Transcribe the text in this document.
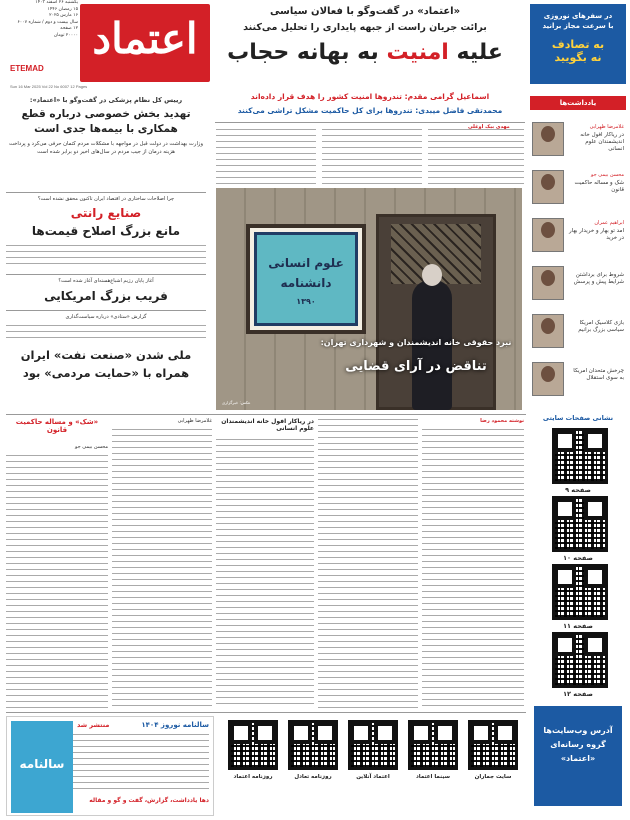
یکشنبه ۲۶ اسفند ۱۴۰۳
۱۵ رمضان ۱۴۴۶
۱۶ مارس ۲۰۲۵
سال بیست و دوم / شماره ۶۰۰۷
۱۲ صفحه
۲۰۰۰۰ تومان اعتماد
ETEMAD
Sun 16 Mar 2025 Vol 22 No 6007 12 Pages
«اعتماد» در گفت‌وگو با فعالان سیاسی
برائت جریان راست از جبهه پایداری را تحلیل می‌کنند
علیه امنیت به بهانه حجاب
در سفرهای نوروزی
با سرعت مجاز برانید
به تصادف
نه بگویید
اسماعیل گرامی مقدم: تندروها امنیت کشور را هدف قرار داده‌اند
محمدتقی فاضل میبدی: تندروها برای کل حاکمیت مشکل تراشی می‌کنند
رییس کل نظام پزشکی در گفت‌وگو با «اعتماد»:
تهدید بخش خصوصی درباره قطع همکاری با بیمه‌ها جدی است
وزارت بهداشت در دولت قبل در مواجهه با مشکلات مردم کتمان حرفی می‌کرد و پرداخت هزینه درمان از جیب مردم در سال‌های اخیر دو برابر شده است
چرا اصلاحات ساختاری در اقتصاد ایران تاکنون محقق نشده است؟
صنایع رانتی
مانع بزرگ اصلاح قیمت‌ها
آغاز پایان رژیم اشباع‌هسته‌ای آغاز شده است؟
فریب بزرگ امریکایی
گزارش «ستادی» درباره سیاست‌گذاری
ملی شدن «صنعت نفت» ایران
همراه با «حمایت مردمی» بود
مهدی بیک اوغلی
علوم انسانی دانشنامه
۱۳۹۰
نبرد حقوقی خانه اندیشمندان و شهرداری تهران:
تناقض در آرای قضایی
عکس: خبرگزاری
یادداشت‌ها
غلامرضا ظهرابی
در ریاکار افول خانه اندیشمندان علوم انسانی
محسن بیمی جو
شک و مساله حاکمیت قانون
ابراهیم عمران
امد تو بهار و خریدار بهار در خرید
شروط برای برداشتن شرایط پیش و پرسش
بازی کلاسیک امریکا سیاسی بزرگ برانیم
چرخش متحدان امریکا به سوی استقلال
نشانی صفحات سایتی
صفحه ۹
صفحه ۱۰
صفحه ۱۱
صفحه ۱۲
آدرس وب‌سایت‌ها گروه رسانه‌ای «اعتماد»
نوشته محمود رضا
در ریاکار افول خانه اندیشمندان علوم انسانی
غلامرضا ظهرابی
«شک» و مساله حاکمیت قانون
محسن بیمی جو
سالنامه
سالنامه نوروز ۱۴۰۴
منتشر شد
دها یادداشت، گزارش، گفت و گو و مقاله
روزنامه اعتماد	روزنامه تعادل	اعتماد آنلاین	سینما اعتماد	سایت جماران
